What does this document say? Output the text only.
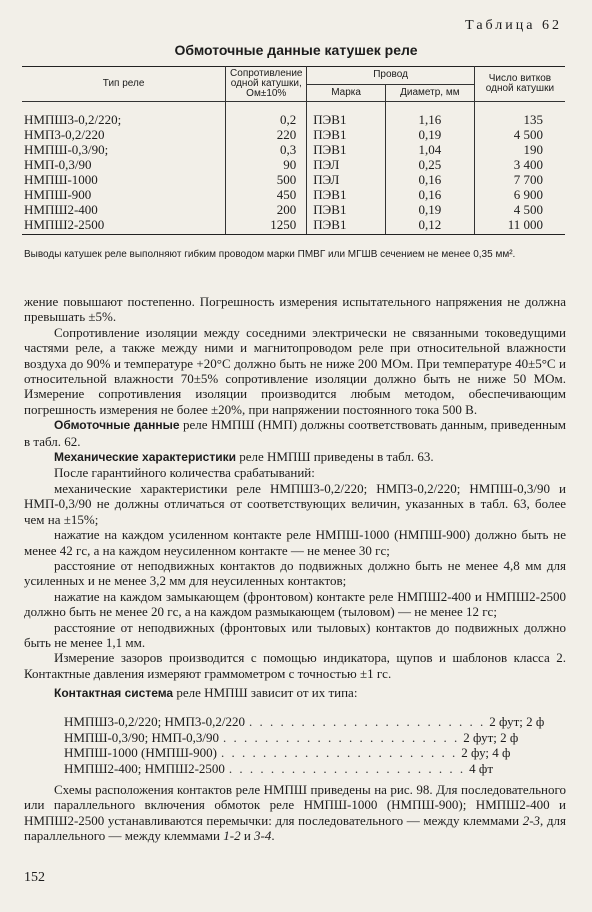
Таблица 62
Обмоточные данные катушек реле
Тип реле	Сопротивление одной катушки, Ом±10%	Провод		Число витков одной катушки
		Марка	Диаметр, мм	
НМПШ3-0,2/220;	0,2	ПЭВ1	1,16	135
НМП3-0,2/220	220	ПЭВ1	0,19	4 500
НМПШ-0,3/90;	0,3	ПЭВ1	1,04	190
НМП-0,3/90	90	ПЭЛ	0,25	3 400
НМПШ-1000	500	ПЭЛ	0,16	7 700
НМПШ-900	450	ПЭВ1	0,16	6 900
НМПШ2-400	200	ПЭВ1	0,19	4 500
НМПШ2-2500	1250	ПЭВ1	0,12	11 000
Выводы катушек реле выполняют гибким проводом марки ПМВГ или МГШВ сечением не менее 0,35 мм².

жение повышают постепенно. Погрешность измерения испытательного напряжения не должна превышать ±5%.

Сопротивление изоляции между соседними электрически не связанными токоведущими частями реле, а также между ними и магнитопроводом реле при относительной влажности воздуха до 90% и температуре +20°С должно быть не ниже 200 МОм. При температуре 40±5°С и относительной влажности 70±5% сопротивление изоляции должно быть не ниже 50 МОм. Измерение сопротивления изоляции производится любым методом, обеспечивающим погрешность измерения не более ±20%, при напряжении постоянного тока 500 В.

Обмоточные данные реле НМПШ (НМП) должны соответствовать данным, приведенным в табл. 62.

Механические характеристики реле НМПШ приведены в табл. 63.

После гарантийного количества срабатываний:

механические характеристики реле НМПШ3-0,2/220; НМП3-0,2/220; НМПШ-0,3/90 и НМП-0,3/90 не должны отличаться от соответствующих величин, указанных в табл. 63, более чем на ±15%;

нажатие на каждом усиленном контакте реле НМПШ-1000 (НМПШ-900) должно быть не менее 42 гс, а на каждом неусиленном контакте — не менее 30 гс;

расстояние от неподвижных контактов до подвижных должно быть не менее 4,8 мм для усиленных и не менее 3,2 мм для неусиленных контактов;

нажатие на каждом замыкающем (фронтовом) контакте реле НМПШ2-400 и НМПШ2-2500 должно быть не менее 20 гс, а на каждом размыкающем (тыловом) — не менее 12 гс;

расстояние от неподвижных (фронтовых или тыловых) контактов до подвижных должно быть не менее 1,1 мм.

Измерение зазоров производится с помощью индикатора, щупов и шаблонов класса 2. Контактные давления измеряют граммометром с точностью ±1 гс.

Контактная система реле НМПШ зависит от их типа:

НМПШ3-0,2/220; НМП3-0,2/220 . . . . . . . . . . . . . . . . . . . . . . . 2 фут; 2 ф
НМПШ-0,3/90; НМП-0,3/90 . . . . . . . . . . . . . . . . . . . . . . . 2 фут; 2 ф
НМПШ-1000 (НМПШ-900) . . . . . . . . . . . . . . . . . . . . . . . 2 фу; 4 ф
НМПШ2-400; НМПШ2-2500 . . . . . . . . . . . . . . . . . . . . . . . 4 фт

Схемы расположения контактов реле НМПШ приведены на рис. 98. Для последовательного или параллельного включения обмоток реле НМПШ-1000 (НМПШ-900); НМПШ2-400 и НМПШ2-2500 устанавливаются перемычки: для последовательного — между клеммами 2-3, для параллельного — между клеммами 1-2 и 3-4.

152
